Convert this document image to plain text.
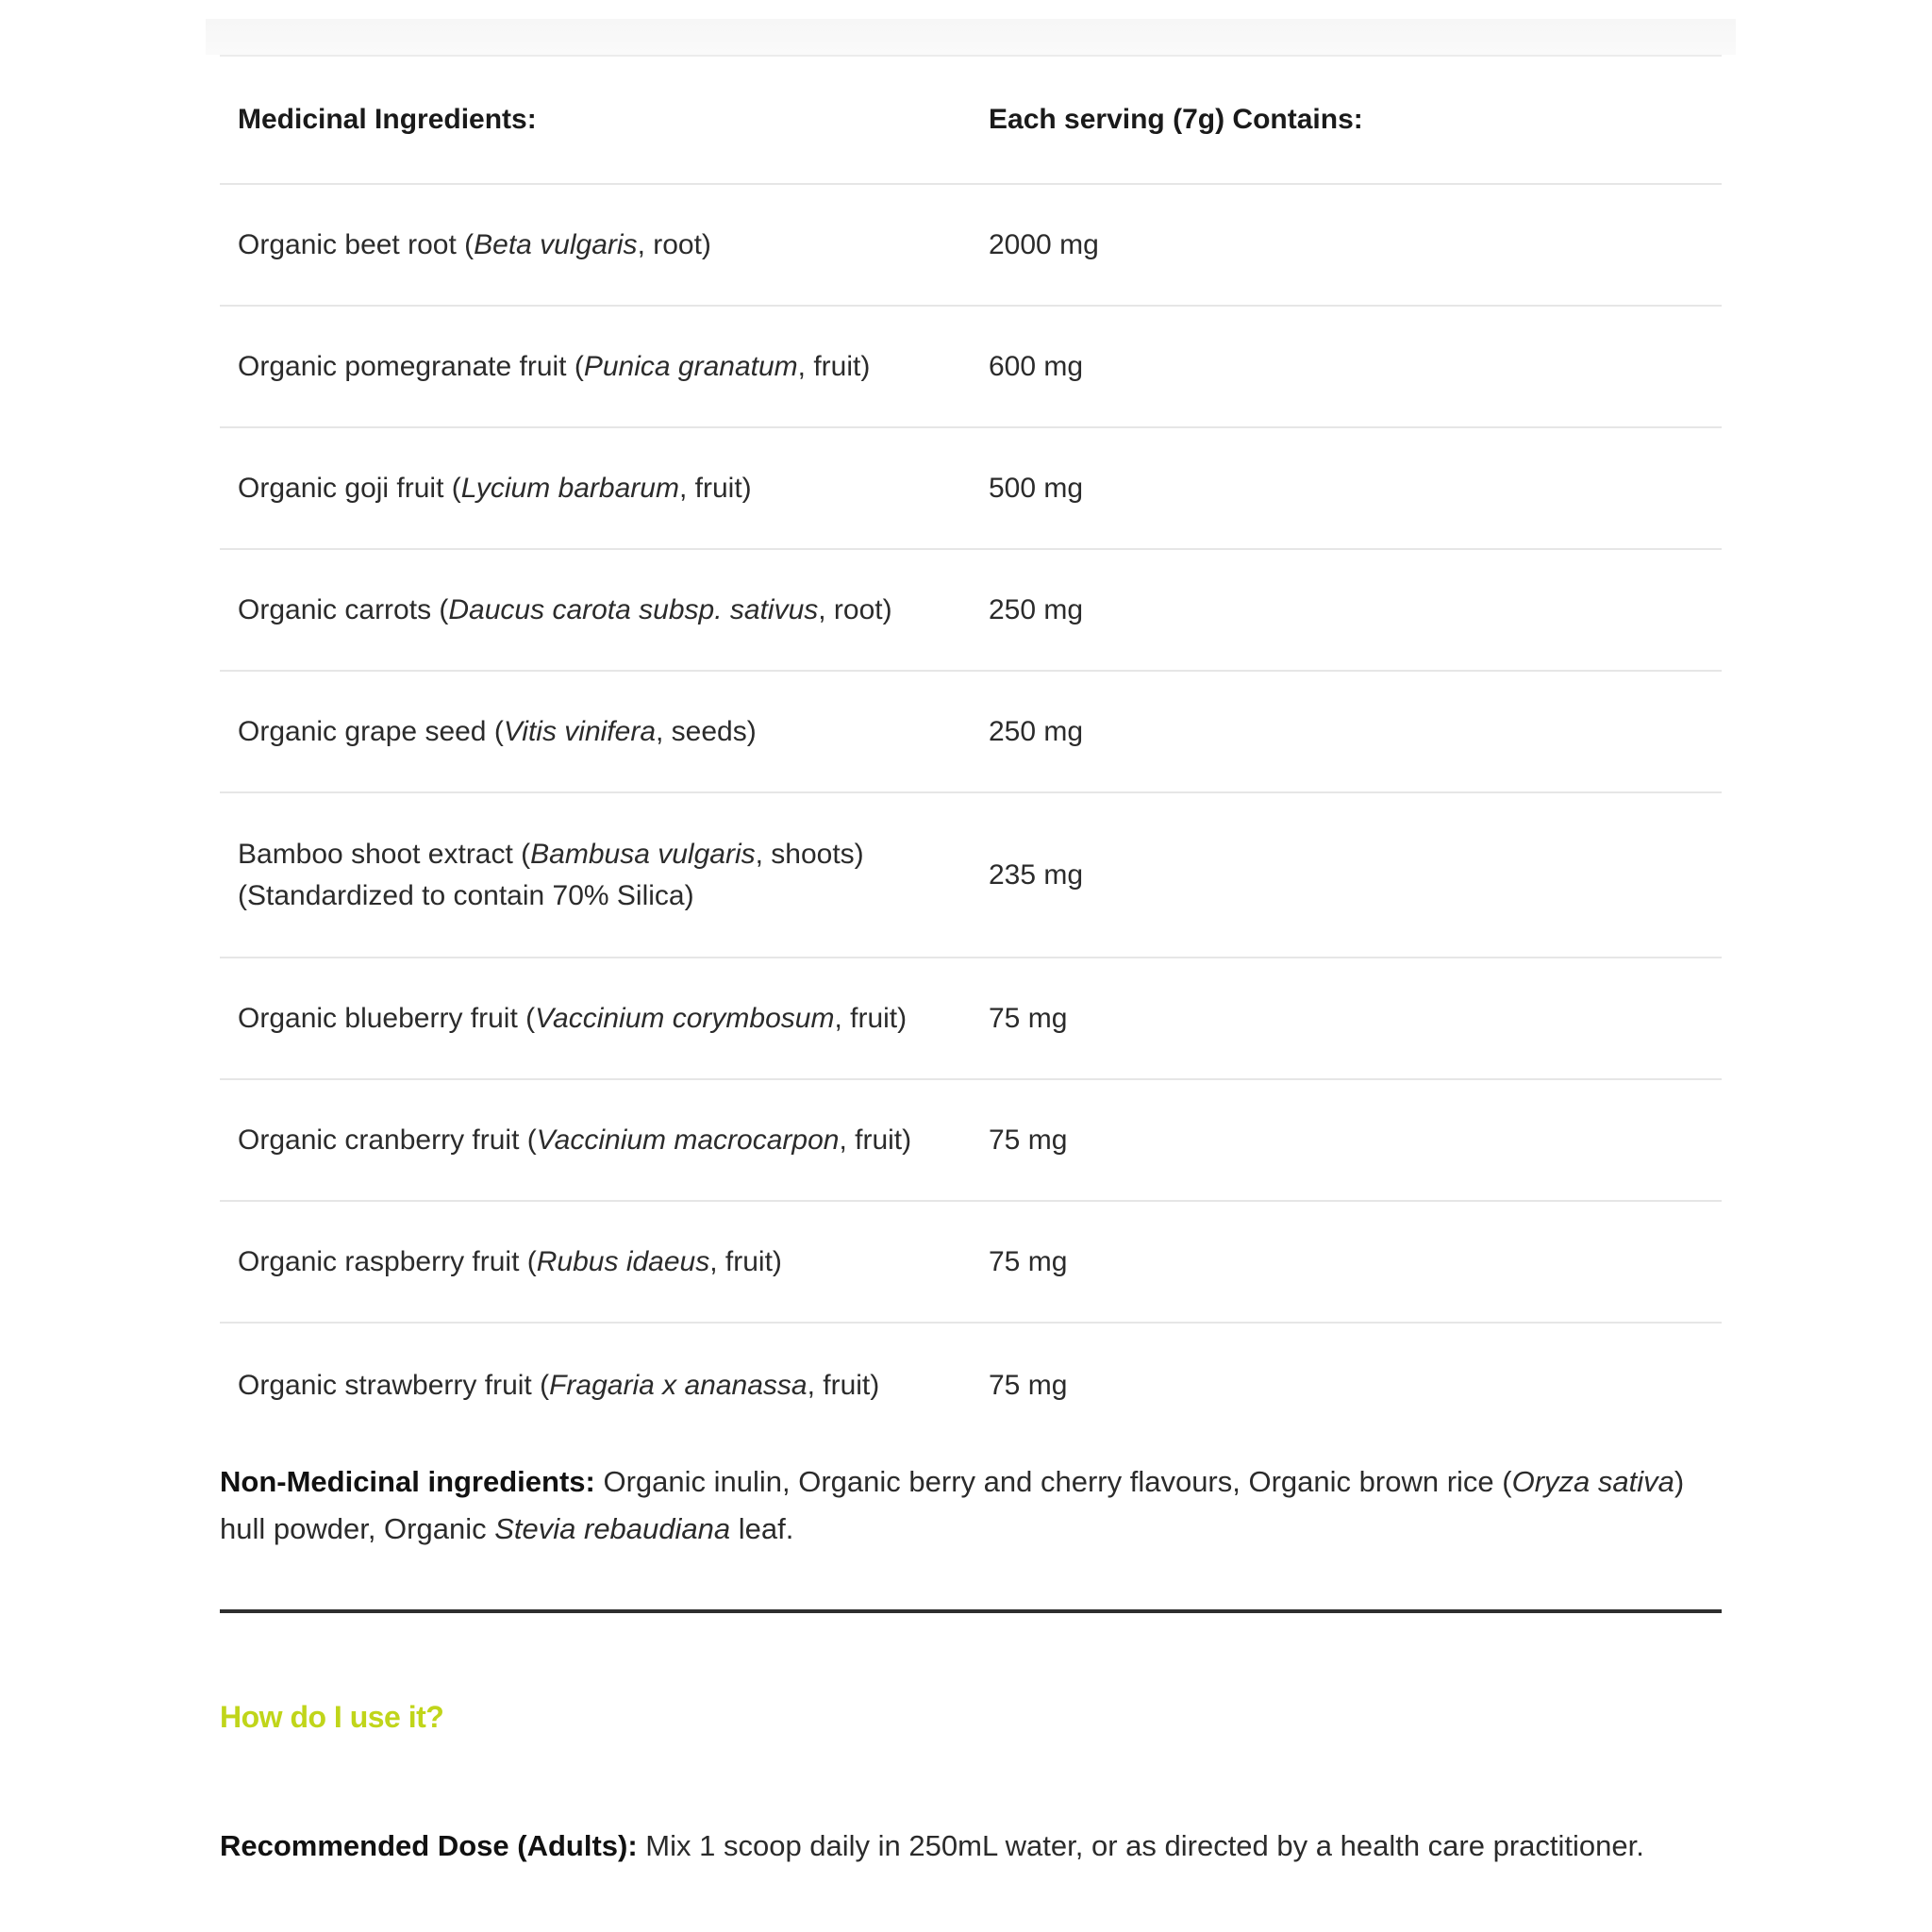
Medicinal Ingredients:	Each serving (7g) Contains:
Organic beet root (Beta vulgaris, root)	2000 mg
Organic pomegranate fruit (Punica granatum, fruit)	600 mg
Organic goji fruit (Lycium barbarum, fruit)	500 mg
Organic carrots (Daucus carota subsp. sativus, root)	250 mg
Organic grape seed (Vitis vinifera, seeds)	250 mg
Bamboo shoot extract (Bambusa vulgaris, shoots)
(Standardized to contain 70% Silica)	235 mg
Organic blueberry fruit (Vaccinium corymbosum, fruit)	75 mg
Organic cranberry fruit (Vaccinium macrocarpon, fruit)	75 mg
Organic raspberry fruit (Rubus idaeus, fruit)	75 mg
Organic strawberry fruit (Fragaria x ananassa, fruit)	75 mg

Non-Medicinal ingredients: Organic inulin, Organic berry and cherry flavours, Organic brown rice (Oryza sativa) hull powder, Organic Stevia rebaudiana leaf.

How do I use it?

Recommended Dose (Adults): Mix 1 scoop daily in 250mL water, or as directed by a health care practitioner.
